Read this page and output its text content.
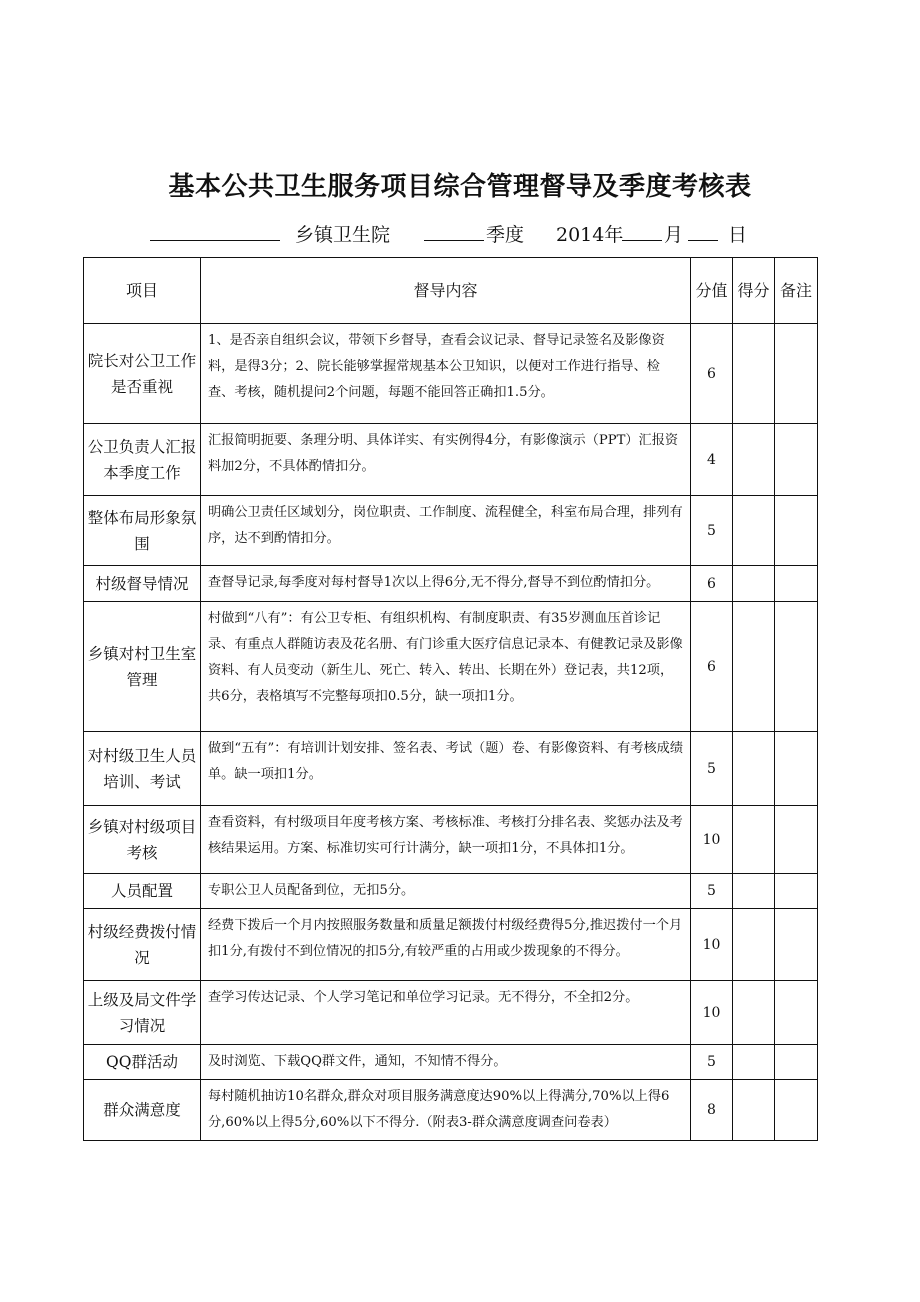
基本公共卫生服务项目综合管理督导及季度考核表
乡镇卫生院	季度 2014年 月 日
项目	督导内容	分值	得分	备注
院长对公卫工作是否重视	1、是否亲自组织会议，带领下乡督导，查看会议记录、督导记录签名及影像资料，是得3分；2、院长能够掌握常规基本公卫知识，以便对工作进行指导、检查、考核，随机提问2个问题，每题不能回答正确扣1.5分。	6		
公卫负责人汇报本季度工作	汇报简明扼要、条理分明、具体详实、有实例得4分，有影像演示（PPT）汇报资料加2分，不具体酌情扣分。	4		
整体布局形象氛围	明确公卫责任区域划分，岗位职责、工作制度、流程健全，科室布局合理，排列有序，达不到酌情扣分。	5		
村级督导情况	查督导记录,每季度对每村督导1次以上得6分,无不得分,督导不到位酌情扣分。	6		
乡镇对村卫生室管理	村做到“八有”：有公卫专柜、有组织机构、有制度职责、有35岁测血压首诊记录、有重点人群随访表及花名册、有门诊重大医疗信息记录本、有健教记录及影像资料、有人员变动（新生儿、死亡、转入、转出、长期在外）登记表，共12项，共6分，表格填写不完整每项扣0.5分，缺一项扣1分。	6		
对村级卫生人员培训、考试	做到“五有”：有培训计划安排、签名表、考试（题）卷、有影像资料、有考核成绩单。缺一项扣1分。	5		
乡镇对村级项目考核	查看资料，有村级项目年度考核方案、考核标准、考核打分排名表、奖惩办法及考核结果运用。方案、标准切实可行计满分，缺一项扣1分，不具体扣1分。	10		
人员配置	专职公卫人员配备到位，无扣5分。	5		
村级经费拨付情况	经费下拨后一个月内按照服务数量和质量足额拨付村级经费得5分,推迟拨付一个月扣1分,有拨付不到位情况的扣5分,有较严重的占用或少拨现象的不得分。	10		
上级及局文件学习情况	查学习传达记录、个人学习笔记和单位学习记录。无不得分，不全扣2分。	10		
QQ群活动	及时浏览、下载QQ群文件，通知，不知情不得分。	5		
群众满意度	每村随机抽访10名群众,群众对项目服务满意度达90%以上得满分,70%以上得6分,60%以上得5分,60%以下不得分.（附表3-群众满意度调查问卷表）	8		
